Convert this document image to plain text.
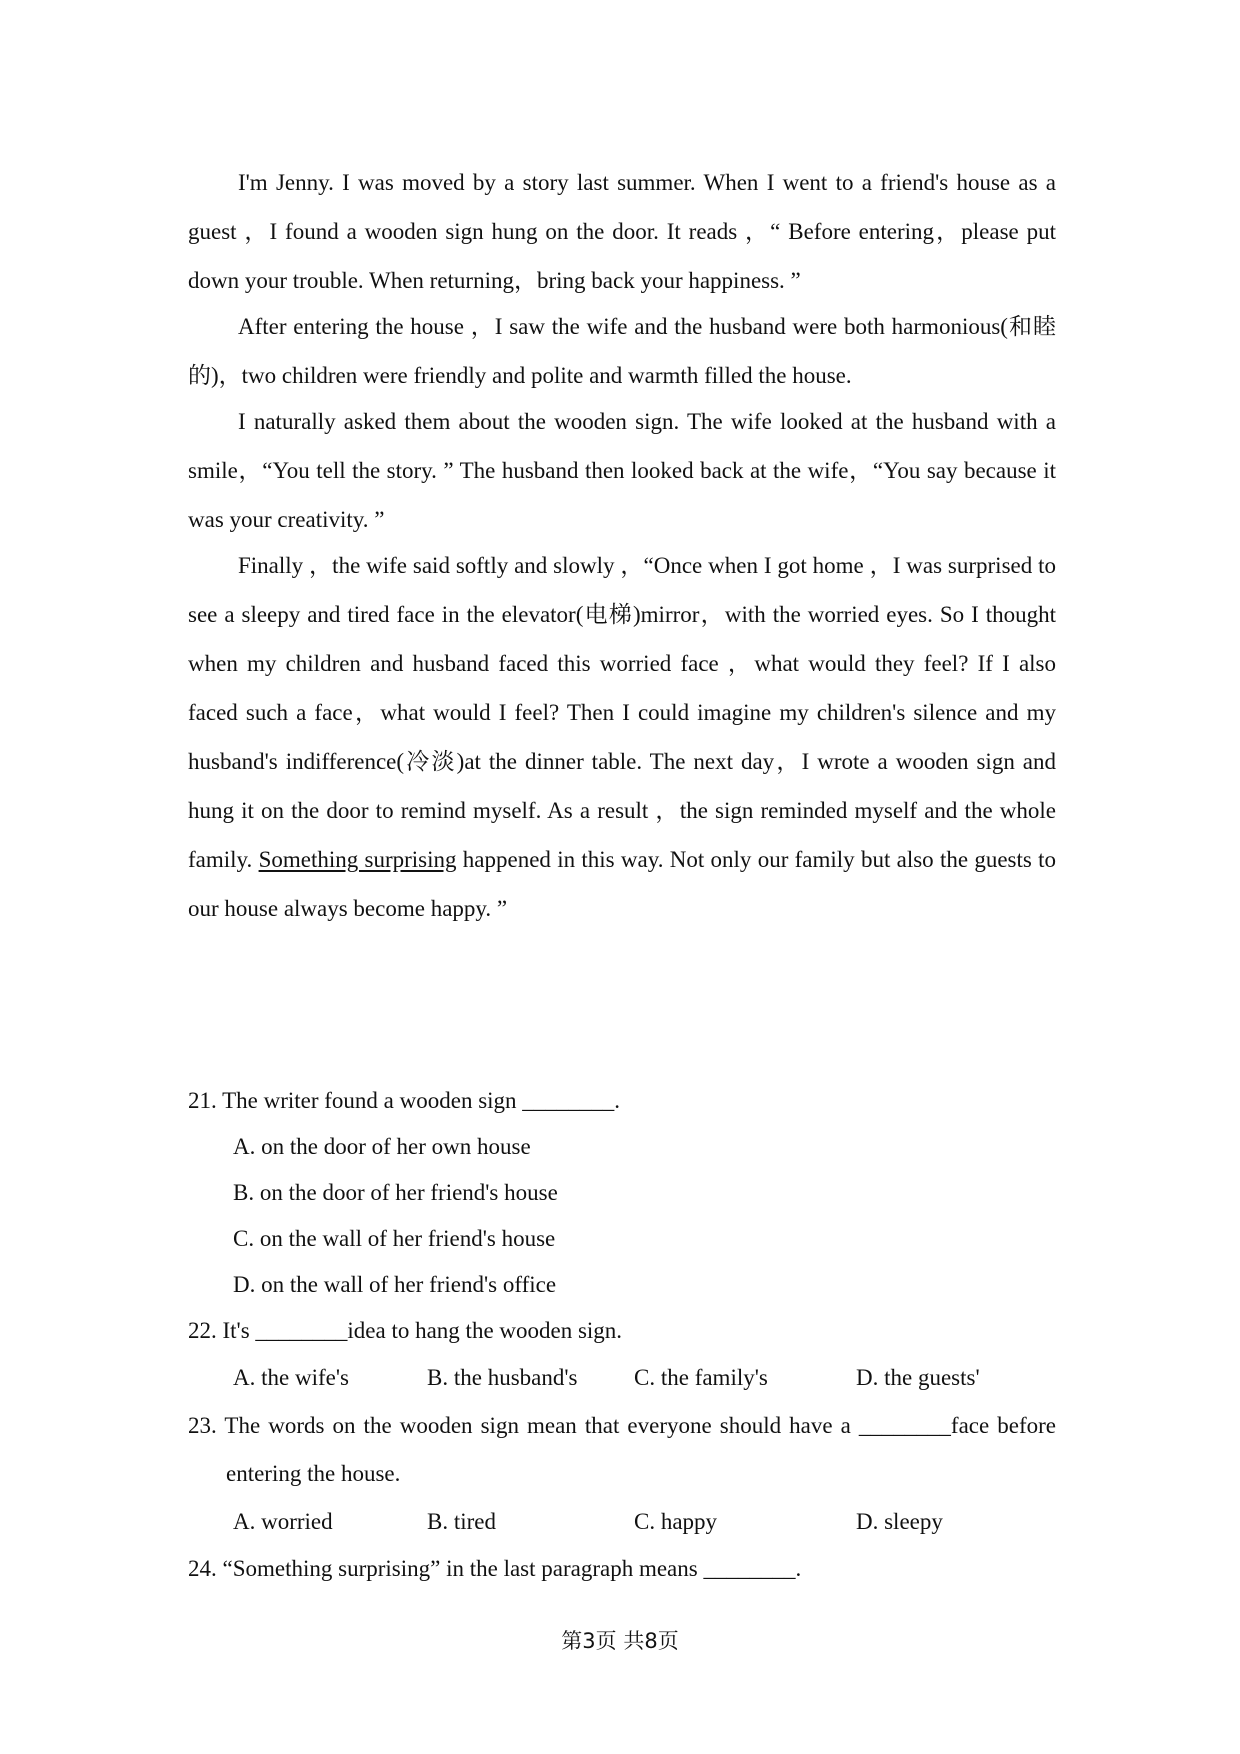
I'm Jenny. I was moved by a story last summer. When I went to a friend's house as a guest ，I found a wooden sign hung on the door. It reads ，“ Before entering，please put down your trouble. When returning，bring back your happiness. ”

After entering the house ，I saw the wife and the husband were both harmonious(和睦的)，two children were friendly and polite and warmth filled the house.

I naturally asked them about the wooden sign. The wife looked at the husband with a smile，“You tell the story. ” The husband then looked back at the wife，“You say because it was your creativity. ”

Finally ，the wife said softly and slowly ，“Once when I got home ，I was surprised to see a sleepy and tired face in the elevator(电梯)mirror，with the worried eyes. So I thought when my children and husband faced this worried face ，what would they feel? If I also faced such a face，what would I feel? Then I could imagine my children's silence and my husband's indifference(冷淡)at the dinner table. The next day，I wrote a wooden sign and hung it on the door to remind myself. As a result ，the sign reminded myself and the whole family. Something surprising happened in this way. Not only our family but also the guests to our house always become happy. ”

21. The writer found a wooden sign ________.
A. on the door of her own house
B. on the door of her friend's house
C. on the wall of her friend's house
D. on the wall of her friend's office
22. It's ________idea to hang the wooden sign.
A. the wife's	B. the husband's C. the family's	D. the guests'
23. The words on the wooden sign mean that everyone should have a ________face before entering the house.
A. worried	B. tired	C. happy	D. sleepy
24. “Something surprising” in the last paragraph means ________.
第3页 共8页
